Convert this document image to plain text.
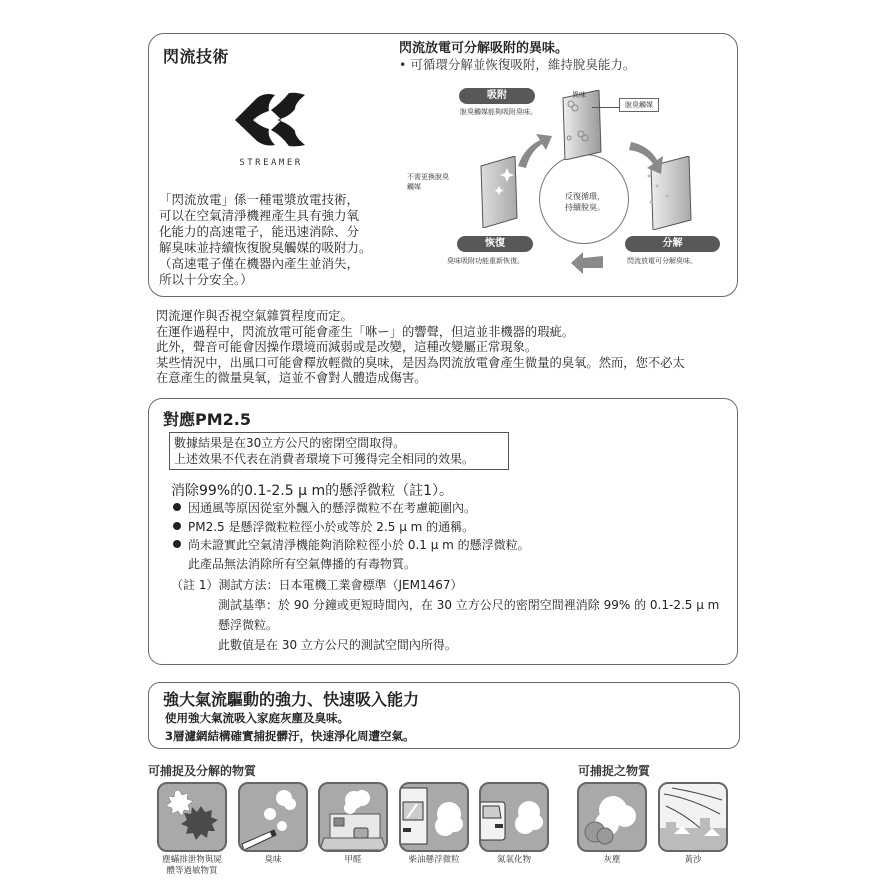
閃流技術
STREAMER
「閃流放電」係一種電漿放電技術，
可以在空氣清淨機裡產生具有強力氧
化能力的高速電子，能迅速消除、分
解臭味並持續恢復脫臭觸媒的吸附力。
（高速電子僅在機器內產生並消失，
所以十分安全。）
閃流放電可分解吸附的異味。
• 可循環分解並恢復吸附，維持脫臭能力。
反復循環，
持續脫臭。
吸附
脫臭觸媒能夠吸附臭味。
異味
脫臭觸媒
不需更換脫臭
觸媒
恢復
臭味吸附功能重新恢復。
分解
閃流放電可分解臭味。
閃流運作與否視空氣雜質程度而定。
在運作過程中，閃流放電可能會產生「咻ー」的響聲，但這並非機器的瑕疵。
此外，聲音可能會因操作環境而減弱或是改變，這種改變屬正常現象。
某些情況中，出風口可能會釋放輕微的臭味，是因為閃流放電會產生微量的臭氧。然而，您不必太
在意產生的微量臭氧，這並不會對人體造成傷害。
對應PM2.5
數據結果是在30立方公尺的密閉空間取得。
上述效果不代表在消費者環境下可獲得完全相同的效果。
消除99%的0.1-2.5 μ m的懸浮微粒（註1）。
因通風等原因從室外飄入的懸浮微粒不在考慮範圍內。
PM2.5 是懸浮微粒粒徑小於或等於 2.5 μ m 的通稱。
尚未證實此空氣清淨機能夠消除粒徑小於 0.1 μ m 的懸浮微粒。
此產品無法消除所有空氣傳播的有毒物質。
（註 1）測試方法：日本電機工業會標準（JEM1467）
測試基準：於 90 分鐘或更短時間內，在 30 立方公尺的密閉空間裡消除 99% 的 0.1-2.5 μ m
懸浮微粒。
此數值是在 30 立方公尺的測試空間內所得。
強大氣流驅動的強力、快速吸入能力
使用強大氣流吸入家庭灰塵及臭味。
3層濾網結構確實捕捉髒汙，快速淨化周遭空氣。
可捕捉及分解的物質	可捕捉之物質
塵蟎排泄物與屍
體等過敏物質
臭味	甲醛	柴油懸浮微粒	氮氧化物	灰塵	黃沙
